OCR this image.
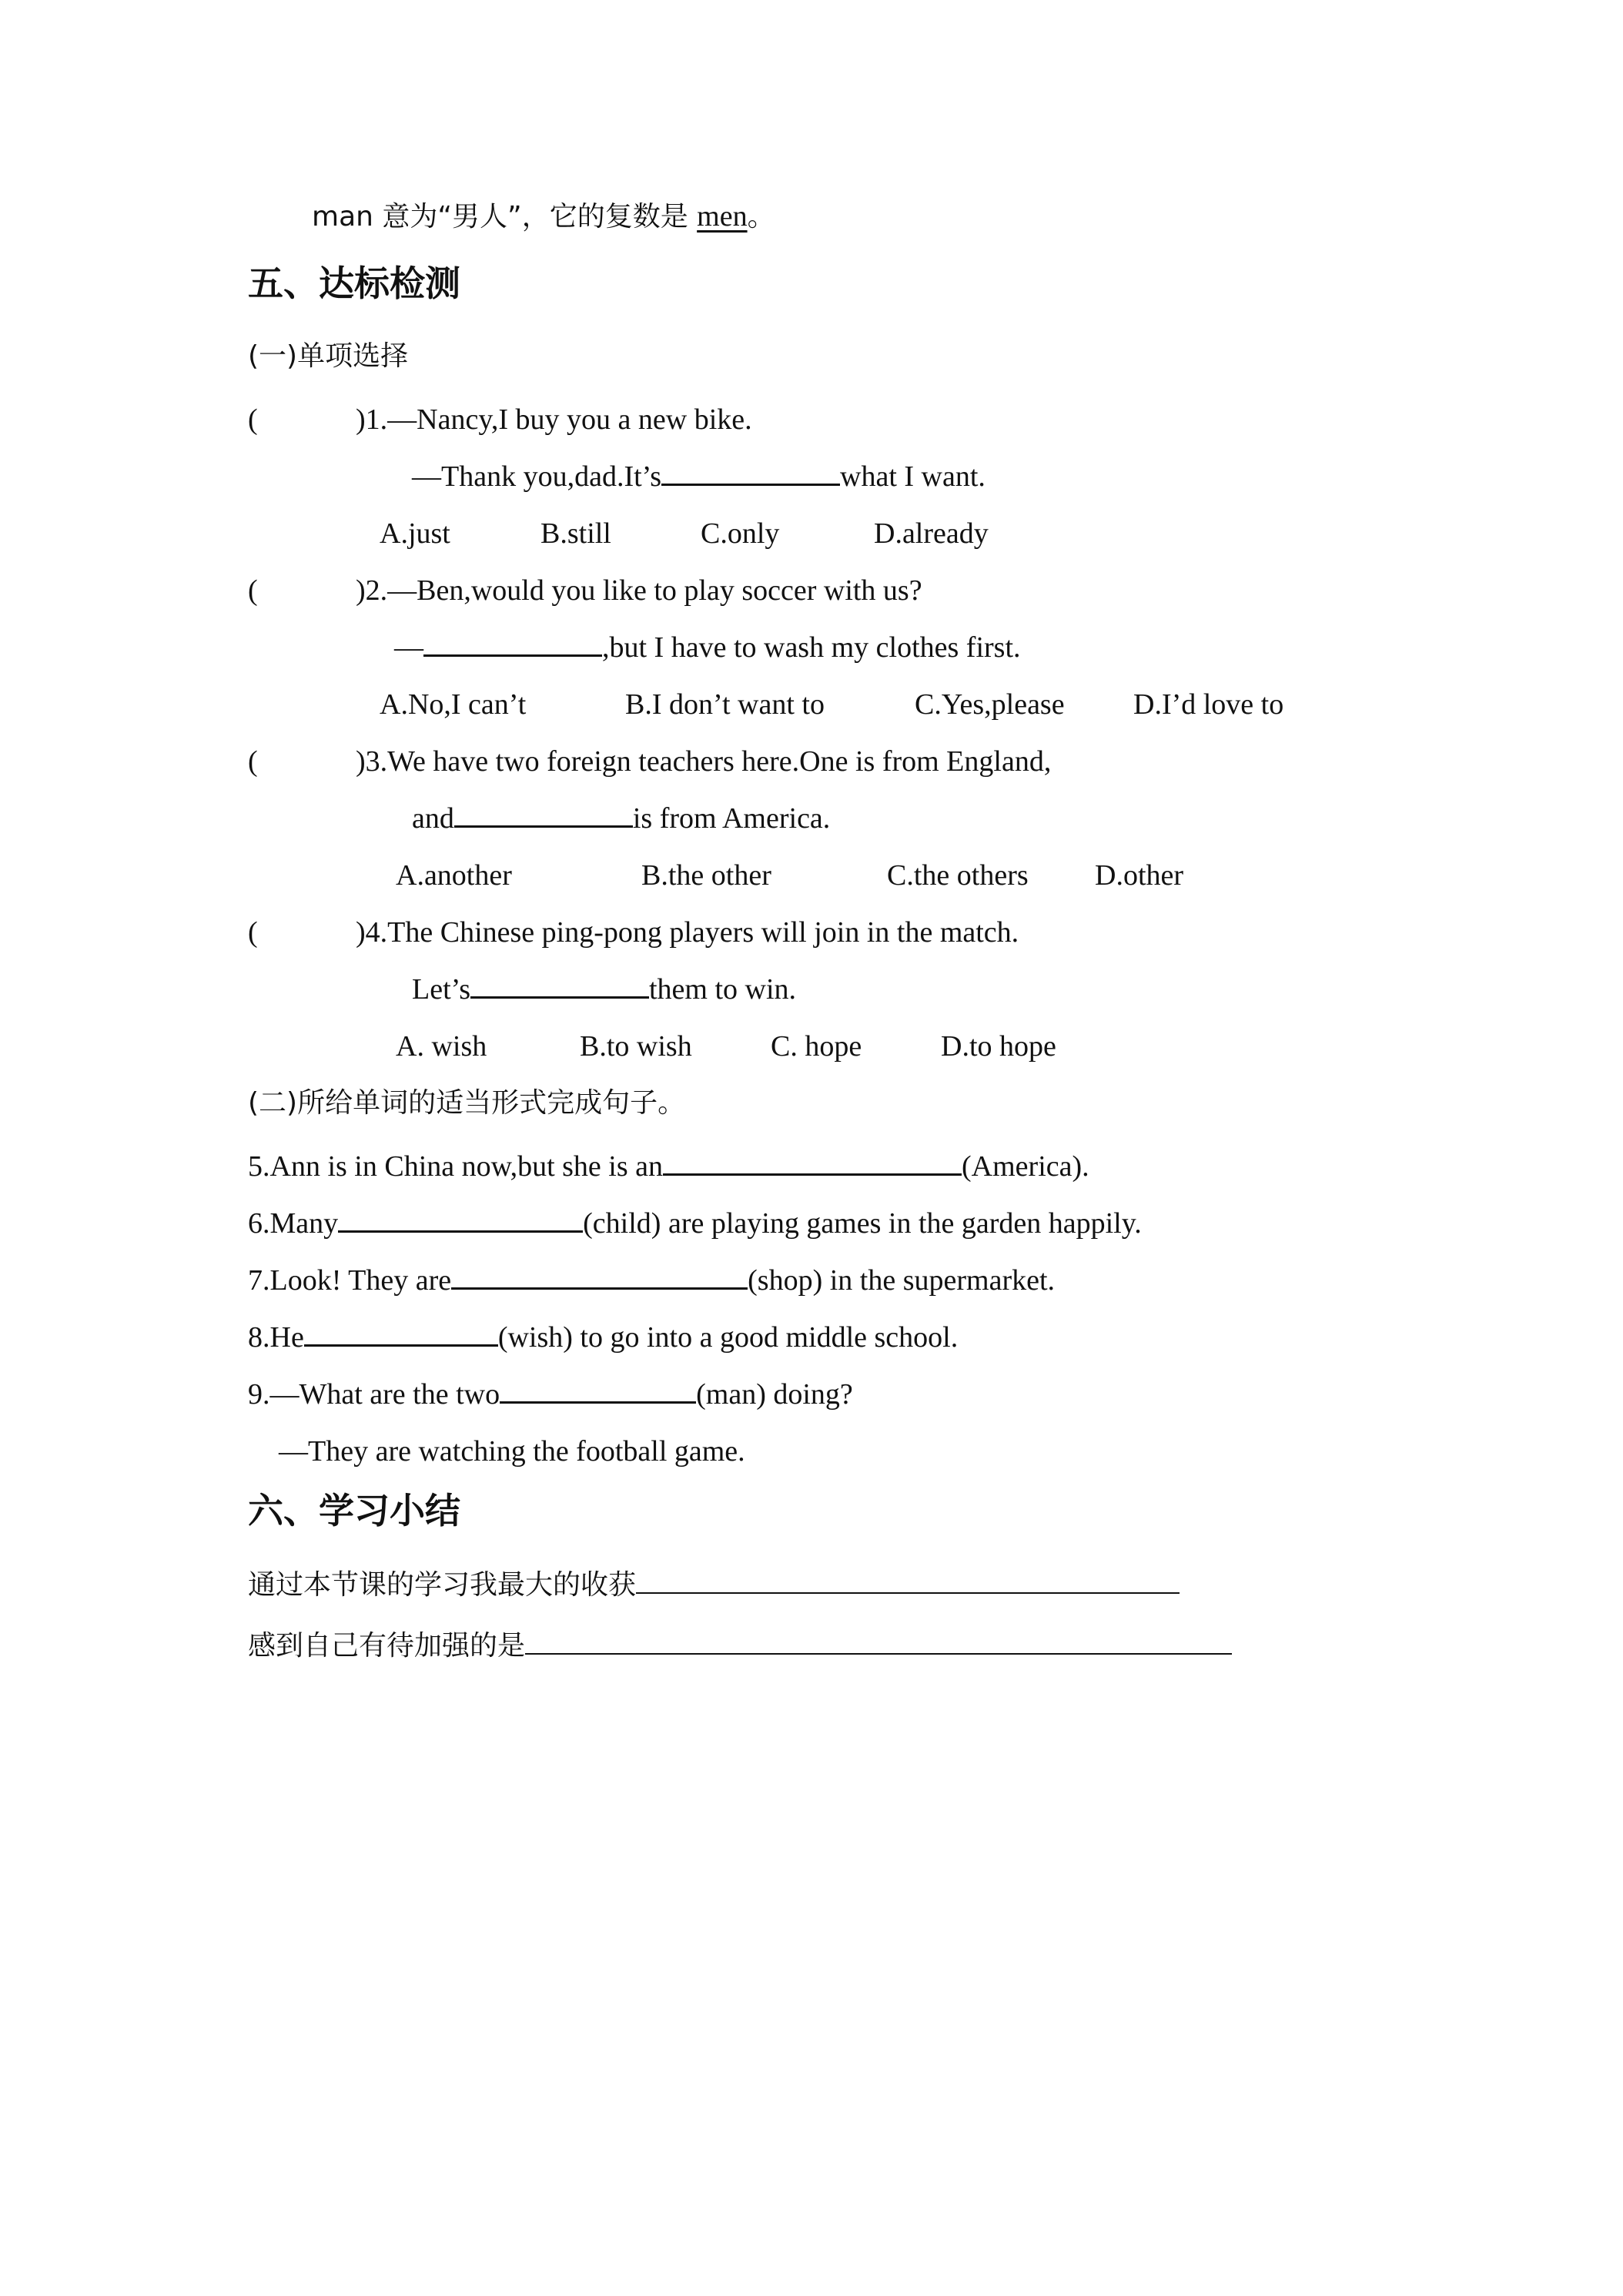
man 意为“男人”，它的复数是 men。
五、达标检测
(一)单项选择
(	)1.—Nancy,I buy you a new bike.
—Thank you,dad.It’s	what I want.
A.just	B.still	C.only	D.already
(	)2.—Ben,would you like to play soccer with us?
—	,but I have to wash my clothes first.
A.No,I can’t	B.I don’t want to	C.Yes,please D.I’d love to
(	)3.We have two foreign teachers here.One is from England,
and	is from America.
A.another	B.the other	C.the others D.other
(	)4.The Chinese ping-pong players will join in the match.
Let’s	them to win.
A. wish	B.to wish	C. hope	D.to hope
(二)所给单词的适当形式完成句子。
5.Ann is in China now,but she is an	(America).
6.Many	(child) are playing games in the garden happily.
7.Look! They are	(shop) in the supermarket.
8.He	(wish) to go into a good middle school.
9.—What are the two	(man) doing?
—They are watching the football game.
六、学习小结
通过本节课的学习我最大的收获
感到自己有待加强的是
